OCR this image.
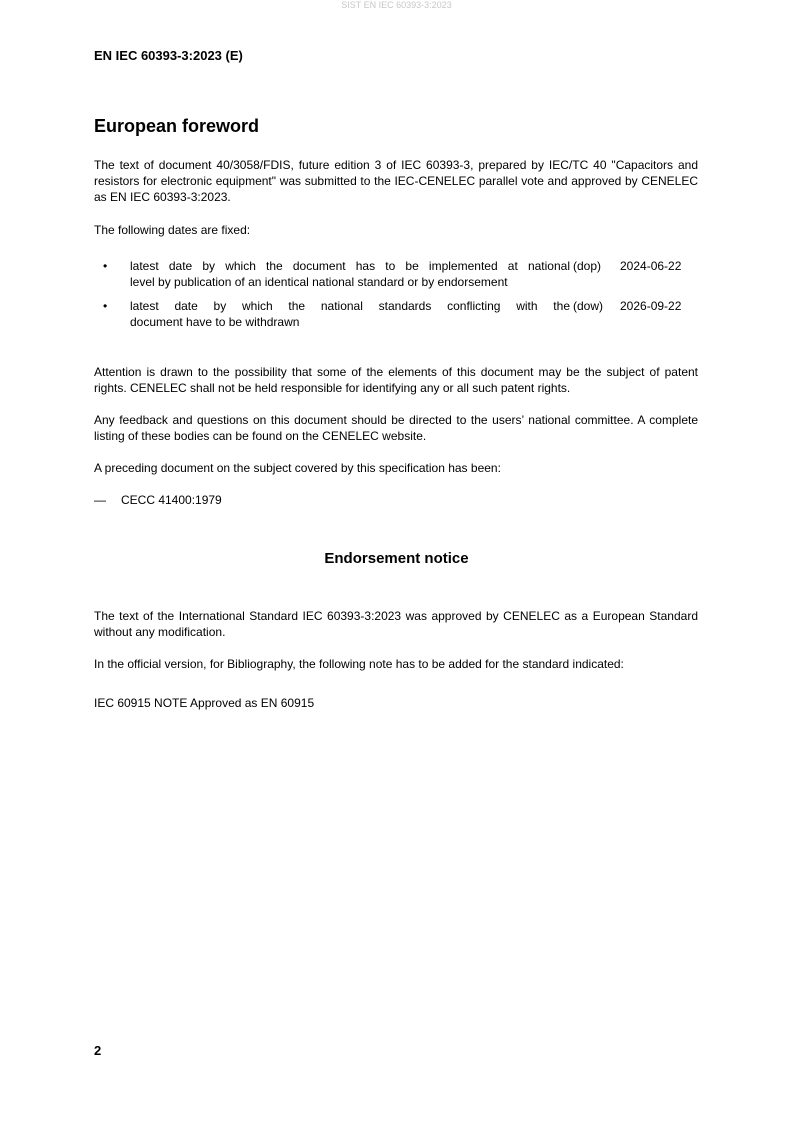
SIST EN IEC 60393-3:2023
EN IEC 60393-3:2023 (E)
European foreword

The text of document 40/3058/FDIS, future edition 3 of IEC 60393-3, prepared by IEC/TC 40 "Capacitors and resistors for electronic equipment" was submitted to the IEC-CENELEC parallel vote and approved by CENELEC as EN IEC 60393-3:2023.

The following dates are fixed:

• latest date by which the document has to be implemented at national
level by publication of an identical national standard or by endorsement
(dop) 2024-06-22
• latest date by which the national standards conflicting with the
document have to be withdrawn
(dow) 2026-09-22

Attention is drawn to the possibility that some of the elements of this document may be the subject of patent rights. CENELEC shall not be held responsible for identifying any or all such patent rights.

Any feedback and questions on this document should be directed to the users’ national committee. A complete listing of these bodies can be found on the CENELEC website.

A preceding document on the subject covered by this specification has been:

— CECC 41400:1979
Endorsement notice

The text of the International Standard IEC 60393-3:2023 was approved by CENELEC as a European Standard without any modification.

In the official version, for Bibliography, the following note has to be added for the standard indicated:

IEC 60915 NOTE Approved as EN 60915

2
